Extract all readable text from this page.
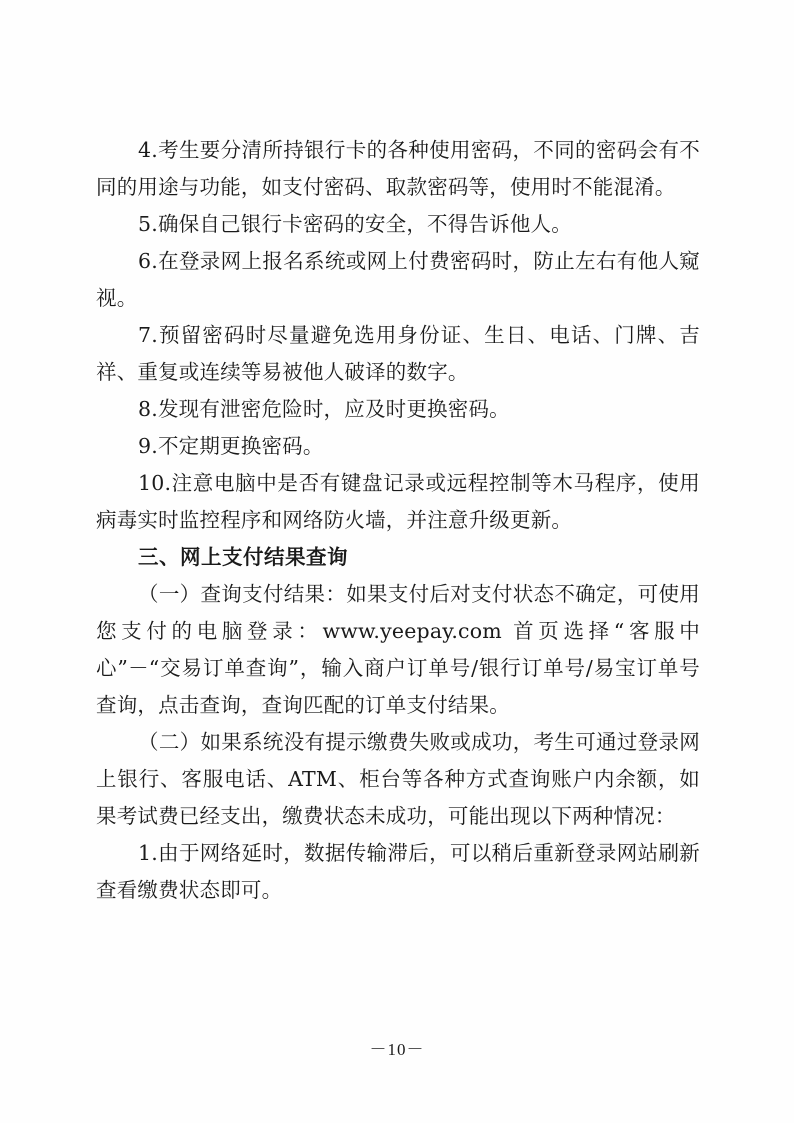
4.考生要分清所持银行卡的各种使用密码，不同的密码会有不同的用途与功能，如支付密码、取款密码等，使用时不能混淆。

5.确保自己银行卡密码的安全，不得告诉他人。

6.在登录网上报名系统或网上付费密码时，防止左右有他人窥视。

7.预留密码时尽量避免选用身份证、生日、电话、门牌、吉祥、重复或连续等易被他人破译的数字。

8.发现有泄密危险时，应及时更换密码。

9.不定期更换密码。

10.注意电脑中是否有键盘记录或远程控制等木马程序，使用病毒实时监控程序和网络防火墙，并注意升级更新。

三、网上支付结果查询

（一）查询支付结果：如果支付后对支付状态不确定，可使用您支付的电脑登录：www.yeepay.com 首页选择“客服中心”－“交易订单查询”，输入商户订单号/银行订单号/易宝订单号查询，点击查询，查询匹配的订单支付结果。

（二）如果系统没有提示缴费失败或成功，考生可通过登录网上银行、客服电话、ATM、柜台等各种方式查询账户内余额，如果考试费已经支出，缴费状态未成功，可能出现以下两种情况：

1.由于网络延时，数据传输滞后，可以稍后重新登录网站刷新查看缴费状态即可。

－10－
